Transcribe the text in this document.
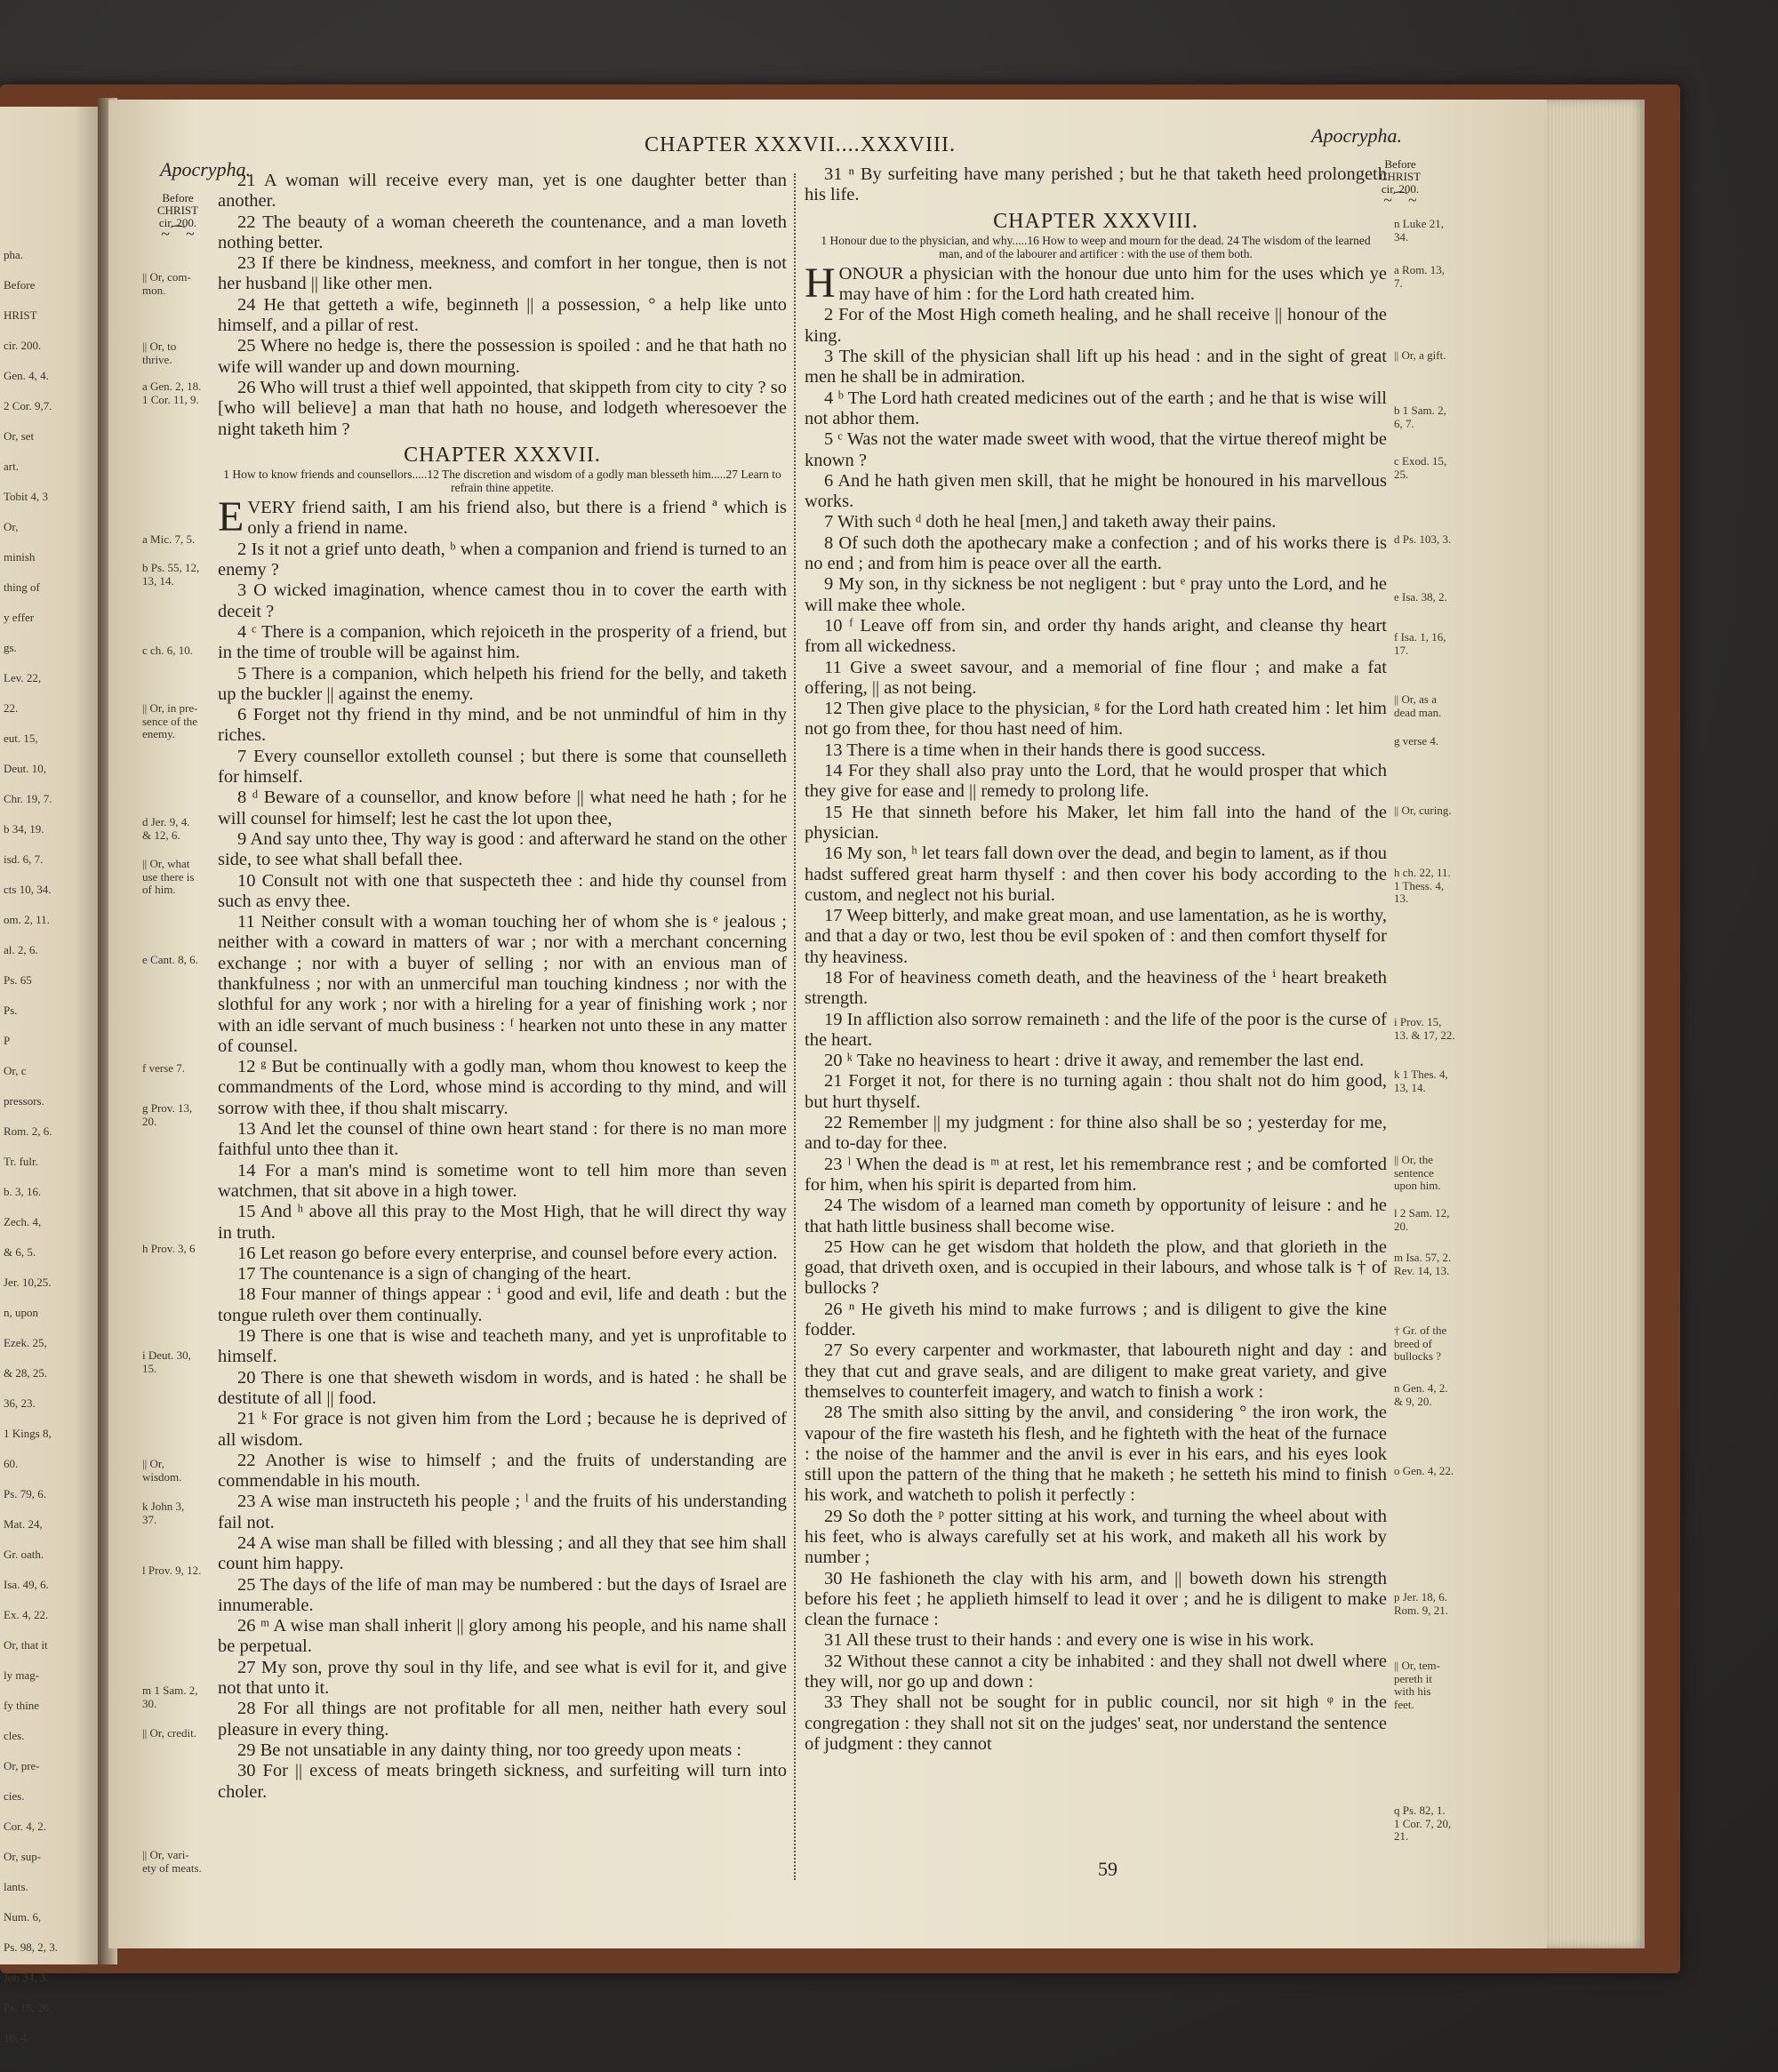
pha.
Before
HRIST
cir. 200.
Gen. 4, 4.
2 Cor. 9,7.
Or, set
art.
Tobit 4, 3
Or,
minish
thing of
y effer
gs.
Lev. 22,
22.
eut. 15,
Deut. 10,
Chr. 19, 7.
b 34, 19.
isd. 6, 7.
cts 10, 34.
om. 2, 11.
al. 2, 6.
Ps. 65
Ps.
P
Or, c
pressors.
Rom. 2, 6.
Tr. fulr.
b. 3, 16.
Zech. 4,
& 6, 5.
Jer. 10,25.
n, upon
Ezek. 25,
& 28, 25.
36, 23.
1 Kings 8,
60.
Ps. 79, 6.
Mat. 24,
Gr. oath.
Isa. 49, 6.
Ex. 4, 22.
Or, that it
ly mag-
fy thine
cles.
Or, pre-
cies.
Cor. 4, 2.
Or, sup-
lants.
Num. 6,
Ps. 98, 2, 3.
Job 34, 3.
Ps. 18, 26.
10, 4.
Apocrypha.
CHAPTER XXXVII....XXXVIII.	Apocrypha.
Before
CHRIST
cir. 200.
~⌒~
Before
CHRIST
cir. 200.
~⌒~
|| Or, com-
mon.
|| Or, to
thrive.
a Gen. 2, 18.
1 Cor. 11, 9.
a Mic. 7, 5.
b Ps. 55, 12,
13, 14.
c ch. 6, 10.
|| Or, in pre-
sence of the
enemy.
d Jer. 9, 4.
& 12, 6.
|| Or, what
use there is
of him.
e Cant. 8, 6.
f verse 7.
g Prov. 13,
20.
h Prov. 3, 6
i Deut. 30,
15.
|| Or,
wisdom.
k John 3,
37.
l Prov. 9, 12.
m 1 Sam. 2,
30.
|| Or, credit.
|| Or, vari-
ety of meats.
n Luke 21,
34.
a Rom. 13,
7.
|| Or, a gift.
b 1 Sam. 2,
6, 7.
c Exod. 15,
25.
d Ps. 103, 3.
e Isa. 38, 2.
f Isa. 1, 16,
17.
|| Or, as a
dead man.
g verse 4.
|| Or, curing.
h ch. 22, 11.
1 Thess. 4,
13.
i Prov. 15,
13. & 17, 22.
k 1 Thes. 4,
13, 14.
|| Or, the
sentence
upon him.
l 2 Sam. 12,
20.
m Isa. 57, 2.
Rev. 14, 13.
† Gr. of the
breed of
bullocks ?
n Gen. 4, 2.
& 9, 20.
o Gen. 4, 22.
p Jer. 18, 6.
Rom. 9, 21.
|| Or, tem-
pereth it
with his
feet.
q Ps. 82, 1.
1 Cor. 7, 20,
21.

21 A woman will receive every man, yet is one daughter better than another.

22 The beauty of a woman cheereth the countenance, and a man loveth nothing better.

23 If there be kindness, meekness, and comfort in her tongue, then is not her husband || like other men.

24 He that getteth a wife, beginneth || a possession, ° a help like unto himself, and a pillar of rest.

25 Where no hedge is, there the possession is spoiled : and he that hath no wife will wander up and down mourning.

26 Who will trust a thief well appointed, that skippeth from city to city ? so [who will believe] a man that hath no house, and lodgeth wheresoever the night taketh him ?

CHAPTER XXXVII.
1 How to know friends and counsellors.....12 The discretion and wisdom of a godly man blesseth him.....27 Learn to refrain thine appetite.

EVERY friend saith, I am his friend also, but there is a friend ª which is only a friend in name.

2 Is it not a grief unto death, ᵇ when a companion and friend is turned to an enemy ?

3 O wicked imagination, whence camest thou in to cover the earth with deceit ?

4 ᶜ There is a companion, which rejoiceth in the prosperity of a friend, but in the time of trouble will be against him.

5 There is a companion, which helpeth his friend for the belly, and taketh up the buckler || against the enemy.

6 Forget not thy friend in thy mind, and be not unmindful of him in thy riches.

7 Every counsellor extolleth counsel ; but there is some that counselleth for himself.

8 ᵈ Beware of a counsellor, and know before || what need he hath ; for he will counsel for himself; lest he cast the lot upon thee,

9 And say unto thee, Thy way is good : and afterward he stand on the other side, to see what shall befall thee.

10 Consult not with one that suspecteth thee : and hide thy counsel from such as envy thee.

11 Neither consult with a woman touching her of whom she is ᵉ jealous ; neither with a coward in matters of war ; nor with a merchant concerning exchange ; nor with a buyer of selling ; nor with an envious man of thankfulness ; nor with an unmerciful man touching kindness ; nor with the slothful for any work ; nor with a hireling for a year of finishing work ; nor with an idle servant of much business : ᶠ hearken not unto these in any matter of counsel.

12 ᵍ But be continually with a godly man, whom thou knowest to keep the commandments of the Lord, whose mind is according to thy mind, and will sorrow with thee, if thou shalt miscarry.

13 And let the counsel of thine own heart stand : for there is no man more faithful unto thee than it.

14 For a man's mind is sometime wont to tell him more than seven watchmen, that sit above in a high tower.

15 And ʰ above all this pray to the Most High, that he will direct thy way in truth.

16 Let reason go before every enterprise, and counsel before every action.

17 The countenance is a sign of changing of the heart.

18 Four manner of things appear : ⁱ good and evil, life and death : but the tongue ruleth over them continually.

19 There is one that is wise and teacheth many, and yet is unprofitable to himself.

20 There is one that sheweth wisdom in words, and is hated : he shall be destitute of all || food.

21 ᵏ For grace is not given him from the Lord ; because he is deprived of all wisdom.

22 Another is wise to himself ; and the fruits of understanding are commendable in his mouth.

23 A wise man instructeth his people ; ˡ and the fruits of his understanding fail not.

24 A wise man shall be filled with blessing ; and all they that see him shall count him happy.

25 The days of the life of man may be numbered : but the days of Israel are innumerable.

26 ᵐ A wise man shall inherit || glory among his people, and his name shall be perpetual.

27 My son, prove thy soul in thy life, and see what is evil for it, and give not that unto it.

28 For all things are not profitable for all men, neither hath every soul pleasure in every thing.

29 Be not unsatiable in any dainty thing, nor too greedy upon meats :

30 For || excess of meats bringeth sickness, and surfeiting will turn into choler.

31 ⁿ By surfeiting have many perished ; but he that taketh heed prolongeth his life.

CHAPTER XXXVIII.
1 Honour due to the physician, and why.....16 How to weep and mourn for the dead. 24 The wisdom of the learned man, and of the labourer and artificer : with the use of them both.

HONOUR a physician with the honour due unto him for the uses which ye may have of him : for the Lord hath created him.

2 For of the Most High cometh healing, and he shall receive || honour of the king.

3 The skill of the physician shall lift up his head : and in the sight of great men he shall be in admiration.

4 ᵇ The Lord hath created medicines out of the earth ; and he that is wise will not abhor them.

5 ᶜ Was not the water made sweet with wood, that the virtue thereof might be known ?

6 And he hath given men skill, that he might be honoured in his marvellous works.

7 With such ᵈ doth he heal [men,] and taketh away their pains.

8 Of such doth the apothecary make a confection ; and of his works there is no end ; and from him is peace over all the earth.

9 My son, in thy sickness be not negligent : but ᵉ pray unto the Lord, and he will make thee whole.

10 ᶠ Leave off from sin, and order thy hands aright, and cleanse thy heart from all wickedness.

11 Give a sweet savour, and a memorial of fine flour ; and make a fat offering, || as not being.

12 Then give place to the physician, ᵍ for the Lord hath created him : let him not go from thee, for thou hast need of him.

13 There is a time when in their hands there is good success.

14 For they shall also pray unto the Lord, that he would prosper that which they give for ease and || remedy to prolong life.

15 He that sinneth before his Maker, let him fall into the hand of the physician.

16 My son, ʰ let tears fall down over the dead, and begin to lament, as if thou hadst suffered great harm thyself : and then cover his body according to the custom, and neglect not his burial.

17 Weep bitterly, and make great moan, and use lamentation, as he is worthy, and that a day or two, lest thou be evil spoken of : and then comfort thyself for thy heaviness.

18 For of heaviness cometh death, and the heaviness of the ⁱ heart breaketh strength.

19 In affliction also sorrow remaineth : and the life of the poor is the curse of the heart.

20 ᵏ Take no heaviness to heart : drive it away, and remember the last end.

21 Forget it not, for there is no turning again : thou shalt not do him good, but hurt thyself.

22 Remember || my judgment : for thine also shall be so ; yesterday for me, and to-day for thee.

23 ˡ When the dead is ᵐ at rest, let his remembrance rest ; and be comforted for him, when his spirit is departed from him.

24 The wisdom of a learned man cometh by opportunity of leisure : and he that hath little business shall become wise.

25 How can he get wisdom that holdeth the plow, and that glorieth in the goad, that driveth oxen, and is occupied in their labours, and whose talk is † of bullocks ?

26 ⁿ He giveth his mind to make furrows ; and is diligent to give the kine fodder.

27 So every carpenter and workmaster, that laboureth night and day : and they that cut and grave seals, and are diligent to make great variety, and give themselves to counterfeit imagery, and watch to finish a work :

28 The smith also sitting by the anvil, and considering ° the iron work, the vapour of the fire wasteth his flesh, and he fighteth with the heat of the furnace : the noise of the hammer and the anvil is ever in his ears, and his eyes look still upon the pattern of the thing that he maketh ; he setteth his mind to finish his work, and watcheth to polish it perfectly :

29 So doth the ᵖ potter sitting at his work, and turning the wheel about with his feet, who is always carefully set at his work, and maketh all his work by number ;

30 He fashioneth the clay with his arm, and || boweth down his strength before his feet ; he applieth himself to lead it over ; and he is diligent to make clean the furnace :

31 All these trust to their hands : and every one is wise in his work.

32 Without these cannot a city be inhabited : and they shall not dwell where they will, nor go up and down :

33 They shall not be sought for in public council, nor sit high ᵠ in the congregation : they shall not sit on the judges' seat, nor understand the sentence of judgment : they cannot

59
